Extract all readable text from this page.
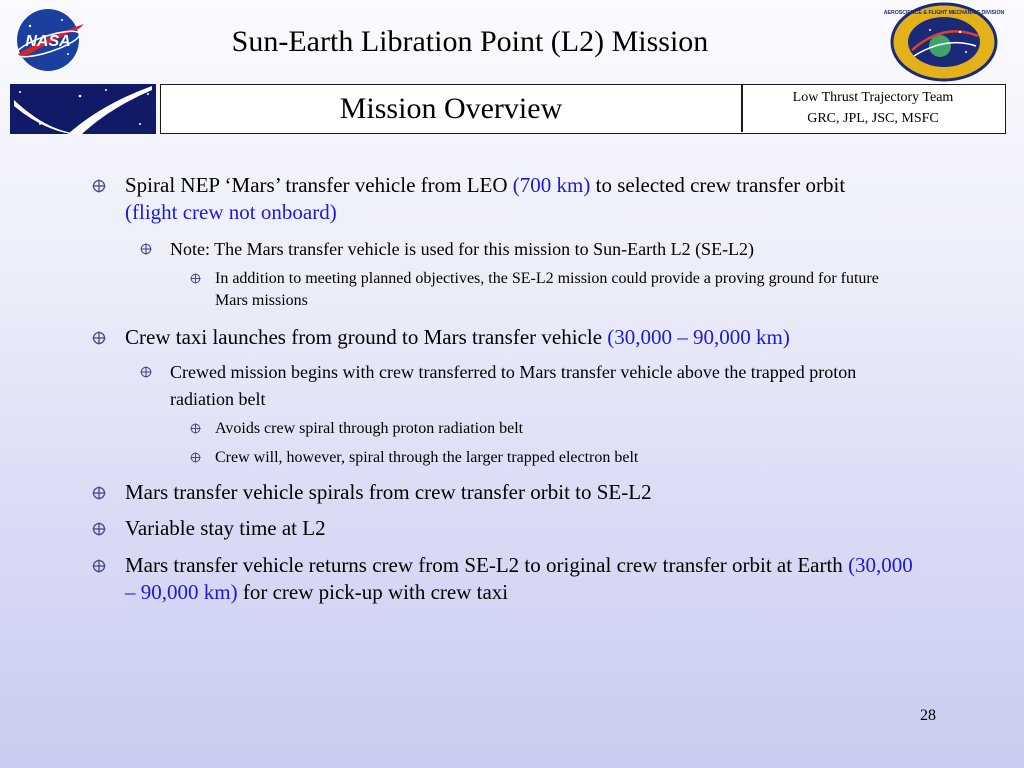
NASA	Sun-Earth Libration Point (L2) Mission
AEROSCIENCE & FLIGHT MECHANICS DIVISION
Mission Overview	Low Thrust Trajectory Team
GRC, JPL, JSC, MSFC
Spiral NEP ‘Mars’ transfer vehicle from LEO (700 km) to selected crew transfer orbit (flight crew not onboard)
Note: The Mars transfer vehicle is used for this mission to Sun-Earth L2 (SE-L2)
In addition to meeting planned objectives, the SE-L2 mission could provide a proving ground for future Mars missions
Crew taxi launches from ground to Mars transfer vehicle (30,000 – 90,000 km)
Crewed mission begins with crew transferred to Mars transfer vehicle above the trapped proton radiation belt
Avoids crew spiral through proton radiation belt
Crew will, however, spiral through the larger trapped electron belt
Mars transfer vehicle spirals from crew transfer orbit to SE-L2
Variable stay time at L2
Mars transfer vehicle returns crew from SE-L2 to original crew transfer orbit at Earth (30,000 – 90,000 km) for crew pick-up with crew taxi
28
